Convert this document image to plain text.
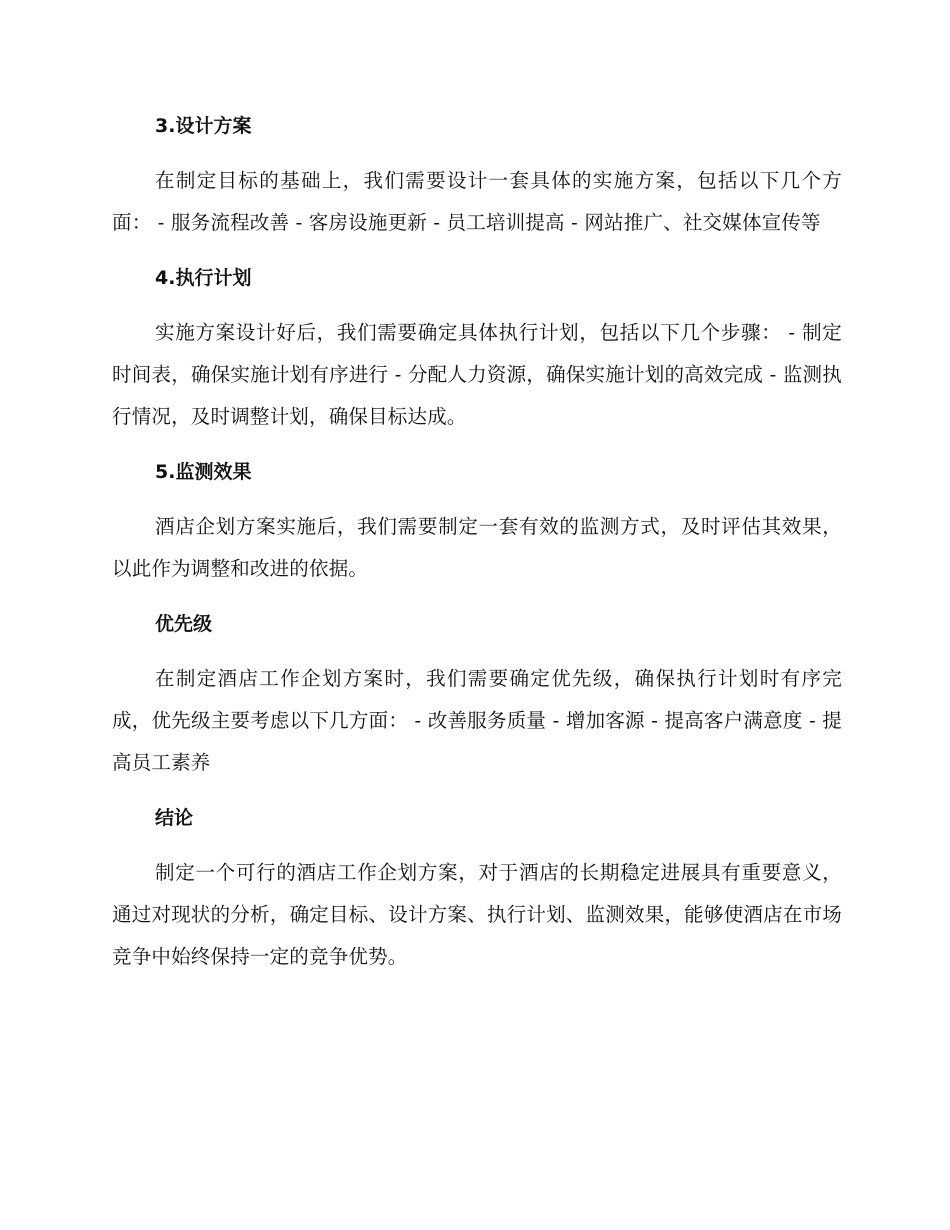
3.设计方案

在制定目标的基础上，我们需要设计一套具体的实施方案，包括以下几个方面： - 服务流程改善 - 客房设施更新 - 员工培训提高 - 网站推广、社交媒体宣传等

4.执行计划

实施方案设计好后，我们需要确定具体执行计划，包括以下几个步骤： - 制定时间表，确保实施计划有序进行 - 分配人力资源，确保实施计划的高效完成 - 监测执行情况，及时调整计划，确保目标达成。

5.监测效果

酒店企划方案实施后，我们需要制定一套有效的监测方式，及时评估其效果，以此作为调整和改进的依据。

优先级

在制定酒店工作企划方案时，我们需要确定优先级，确保执行计划时有序完成，优先级主要考虑以下几方面： - 改善服务质量 - 增加客源 - 提高客户满意度 - 提高员工素养

结论

制定一个可行的酒店工作企划方案，对于酒店的长期稳定进展具有重要意义，通过对现状的分析，确定目标、设计方案、执行计划、监测效果，能够使酒店在市场竞争中始终保持一定的竞争优势。
